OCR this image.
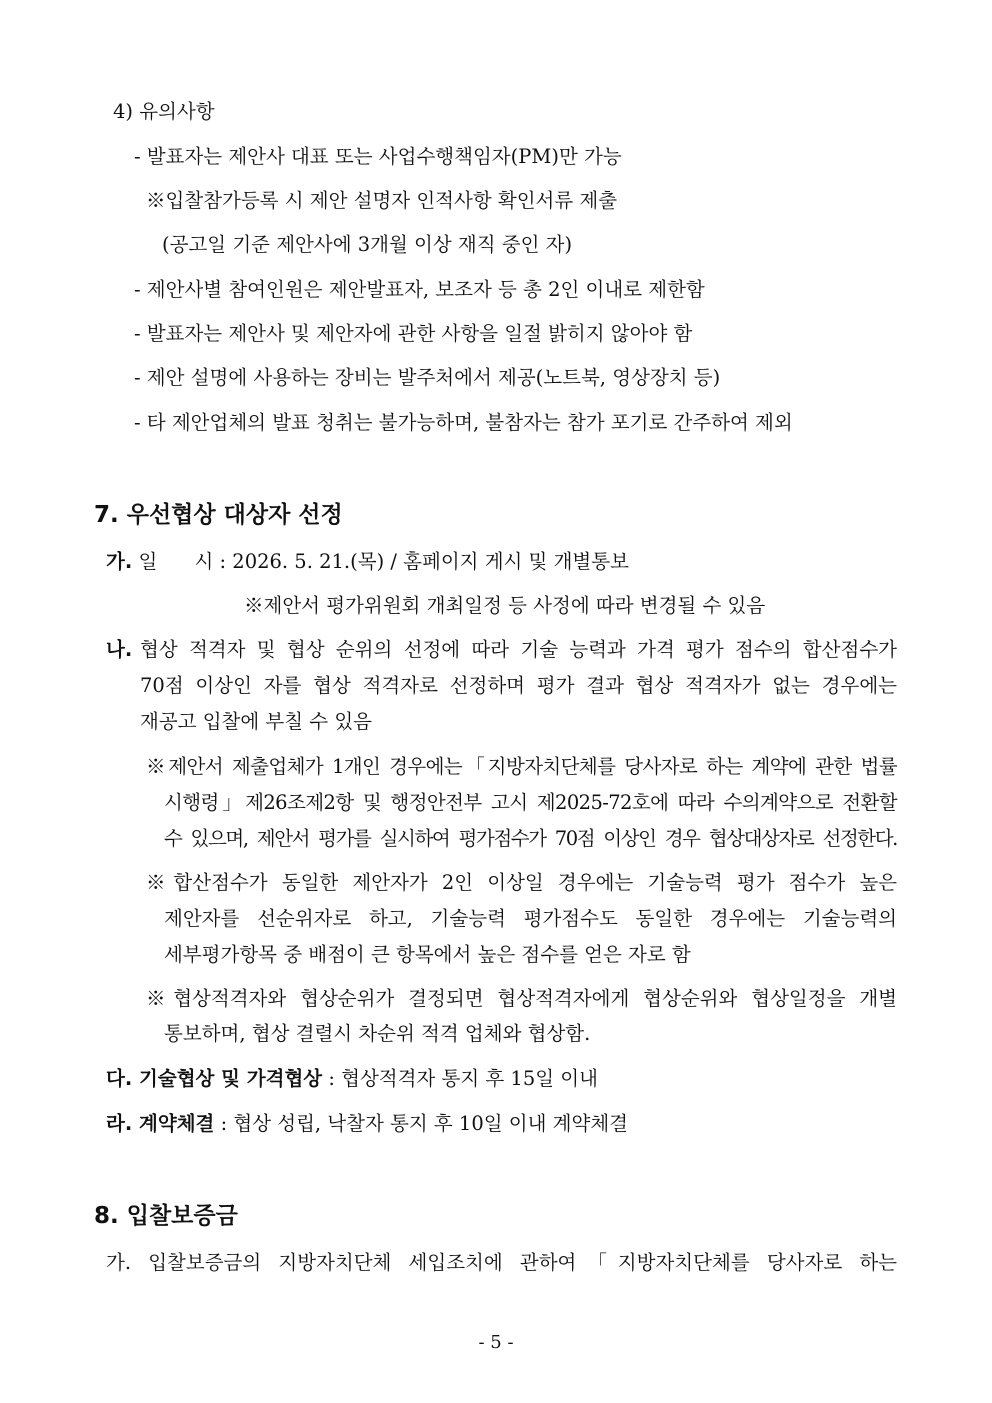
4) 유의사항
- 발표자는 제안사 대표 또는 사업수행책임자(PM)만 가능
※입찰참가등록 시 제안 설명자 인적사항 확인서류 제출
(공고일 기준 제안사에 3개월 이상 재직 중인 자)
- 제안사별 참여인원은 제안발표자, 보조자 등 총 2인 이내로 제한함
- 발표자는 제안사 및 제안자에 관한 사항을 일절 밝히지 않아야 함
- 제안 설명에 사용하는 장비는 발주처에서 제공(노트북, 영상장치 등)
- 타 제안업체의 발표 청취는 불가능하며, 불참자는 참가 포기로 간주하여 제외
7. 우선협상 대상자 선정
가. 일      시 : 2026. 5. 21.(목) / 홈페이지 게시 및 개별통보
※제안서 평가위원회 개최일정 등 사정에 따라 변경될 수 있음
나. 협상 적격자 및 협상 순위의 선정에 따라 기술 능력과 가격 평가 점수의 합산점수가
70점 이상인 자를 협상 적격자로 선정하며 평가 결과 협상 적격자가 없는 경우에는
재공고 입찰에 부칠 수 있음
※제안서 제출업체가 1개인 경우에는「지방자치단체를 당사자로 하는 계약에 관한 법률
시행령」제26조제2항 및 행정안전부 고시 제2025-72호에 따라 수의계약으로 전환할
수 있으며, 제안서 평가를 실시하여 평가점수가 70점 이상인 경우 협상대상자로 선정한다.
※합산점수가 동일한 제안자가 2인 이상일 경우에는 기술능력 평가 점수가 높은
제안자를 선순위자로 하고, 기술능력 평가점수도 동일한 경우에는 기술능력의
세부평가항목 중 배점이 큰 항목에서 높은 점수를 얻은 자로 함
※협상적격자와 협상순위가 결정되면 협상적격자에게 협상순위와 협상일정을 개별
통보하며, 협상 결렬시 차순위 적격 업체와 협상함.
다. 기술협상 및 가격협상 : 협상적격자 통지 후 15일 이내
라. 계약체결 : 협상 성립, 낙찰자 통지 후 10일 이내 계약체결
8. 입찰보증금
가. 입찰보증금의 지방자치단체 세입조치에 관하여「지방자치단체를 당사자로 하는
- 5 -
